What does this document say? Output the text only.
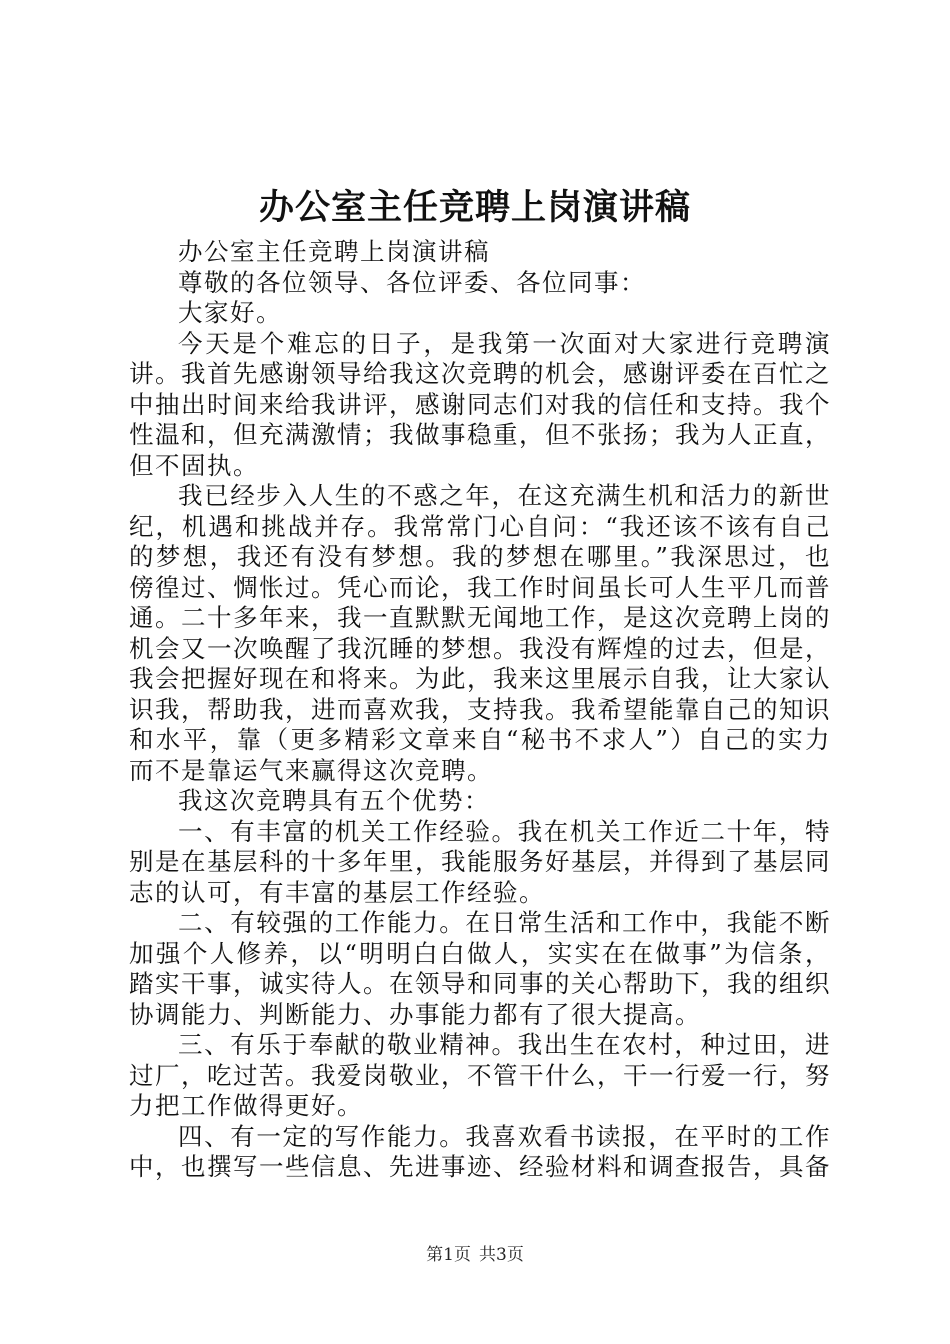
办公室主任竞聘上岗演讲稿

办公室主任竞聘上岗演讲稿

尊敬的各位领导、各位评委、各位同事：

大家好。

今天是个难忘的日子，是我第一次面对大家进行竞聘演讲。我首先感谢领导给我这次竞聘的机会，感谢评委在百忙之中抽出时间来给我讲评，感谢同志们对我的信任和支持。我个性温和，但充满激情；我做事稳重，但不张扬；我为人正直，但不固执。

我已经步入人生的不惑之年，在这充满生机和活力的新世纪，机遇和挑战并存。我常常门心自问：“我还该不该有自己的梦想，我还有没有梦想。我的梦想在哪里。”我深思过，也傍徨过、惆怅过。凭心而论，我工作时间虽长可人生平几而普通。二十多年来，我一直默默无闻地工作，是这次竞聘上岗的机会又一次唤醒了我沉睡的梦想。我没有辉煌的过去，但是，我会把握好现在和将来。为此，我来这里展示自我，让大家认识我，帮助我，进而喜欢我，支持我。我希望能靠自己的知识和水平，靠（更多精彩文章来自“秘书不求人”）自己的实力而不是靠运气来赢得这次竞聘。

我这次竞聘具有五个优势：

一、有丰富的机关工作经验。我在机关工作近二十年，特别是在基层科的十多年里，我能服务好基层，并得到了基层同志的认可，有丰富的基层工作经验。

二、有较强的工作能力。在日常生活和工作中，我能不断加强个人修养，以“明明白白做人，实实在在做事”为信条，踏实干事，诚实待人。在领导和同事的关心帮助下，我的组织协调能力、判断能力、办事能力都有了很大提高。

三、有乐于奉献的敬业精神。我出生在农村，种过田，进过厂，吃过苦。我爱岗敬业，不管干什么，干一行爱一行，努力把工作做得更好。

四、有一定的写作能力。我喜欢看书读报，在平时的工作中，也撰写一些信息、先进事迹、经验材料和调查报告，具备

第1页 共3页
